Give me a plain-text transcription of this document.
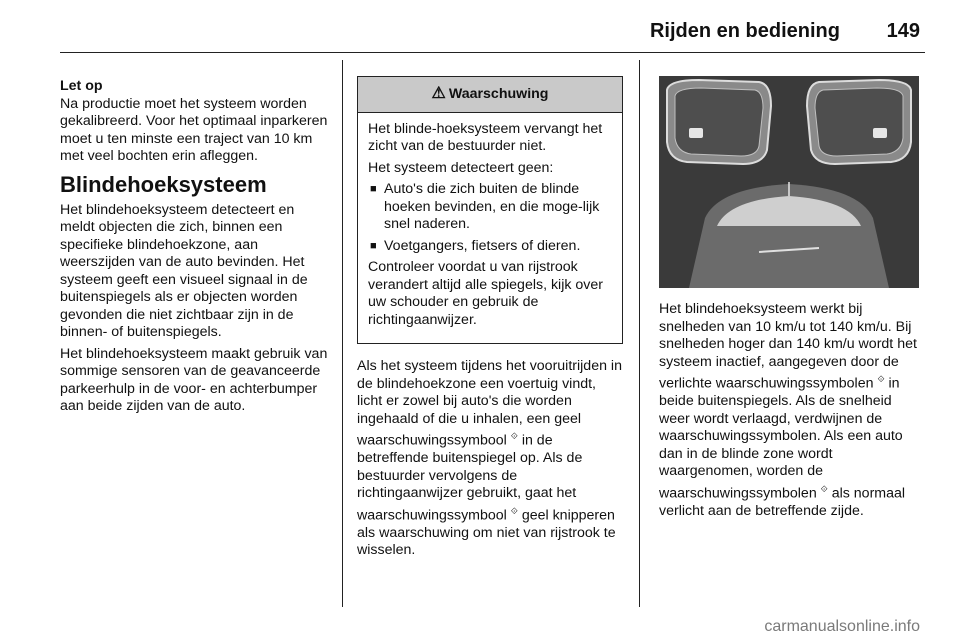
Rijden en bediening 149
Let op

Na productie moet het systeem worden gekalibreerd. Voor het optimaal inparkeren moet u ten minste een traject van 10 km met veel bochten erin afleggen.

Blindehoeksysteem

Het blindehoeksysteem detecteert en meldt objecten die zich, binnen een specifieke blindehoekzone, aan weerszijden van de auto bevinden. Het systeem geeft een visueel signaal in de buitenspiegels als er objecten worden gevonden die niet zichtbaar zijn in de binnen- of buitenspiegels.

Het blindehoeksysteem maakt gebruik van sommige sensoren van de geavanceerde parkeerhulp in de voor- en achterbumper aan beide zijden van de auto.

⚠ Waarschuwing

Het blinde-hoeksysteem vervangt het zicht van de bestuurder niet.

Het systeem detecteert geen:

■ Auto's die zich buiten de blinde hoeken bevinden, en die moge-lijk snel naderen.
■ Voetgangers, fietsers of dieren.

Controleer voordat u van rijstrook verandert altijd alle spiegels, kijk over uw schouder en gebruik de richtingaanwijzer.

Als het systeem tijdens het vooruitrijden in de blindehoekzone een voertuig vindt, licht er zowel bij auto's die worden ingehaald of die u inhalen, een geel waarschuwingssymbool ⟐ in de betreffende buitenspiegel op. Als de bestuurder vervolgens de richtingaanwijzer gebruikt, gaat het waarschuwingssymbool ⟐ geel knipperen als waarschuwing om niet van rijstrook te wisselen.

Het blindehoeksysteem werkt bij snelheden van 10 km/u tot 140 km/u. Bij snelheden hoger dan 140 km/u wordt het systeem inactief, aangegeven door de verlichte waarschuwingssymbolen ⟐ in beide buitenspiegels. Als de snelheid weer wordt verlaagd, verdwijnen de waarschuwingssymbolen. Als een auto dan in de blinde zone wordt waargenomen, worden de waarschuwingssymbolen ⟐ als normaal verlicht aan de betreffende zijde.

carmanualsonline.info
